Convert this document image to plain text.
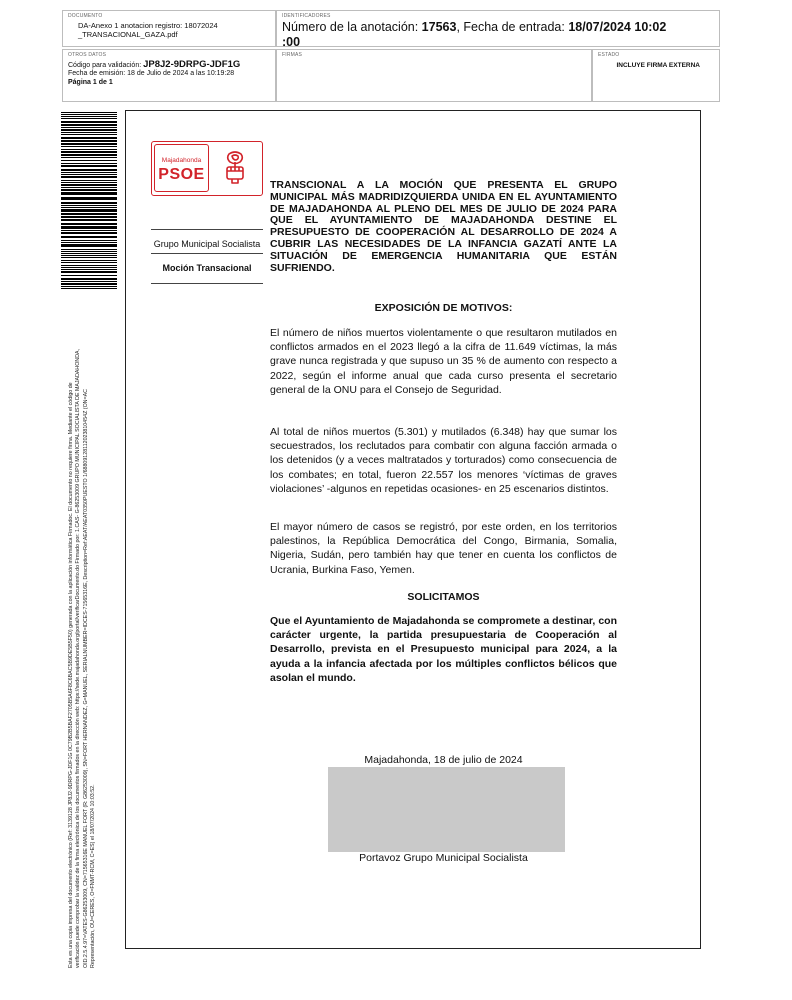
DOCUMENTO
DA-Anexo 1 anotacion registro: 18072024
_TRANSACIONAL_GAZA.pdf
IDENTIFICADORES
Número de la anotación: 17563, Fecha de entrada: 18/07/2024 10:02
:00
OTROS DATOS
Código para validación: JP8J2-9DRPG-JDF1G
Fecha de emisión: 18 de Julio de 2024 a las 10:19:28
Página 1 de 1
FIRMAS	ESTADO
INCLUYE FIRMA EXTERNA
Esta es una copia impresa del documento electrónico (Ref: 3139128 JP8J2-9DRPG-JDF1G 0C79B2B5BAF2705B5A6F8C6BAC5B9DE5B5F50) generada con la aplicación informática Firmadoc. El documento no requiere firma. Mediante el código de verificación puede comprobar la validez de la firma electrónica de los documentos firmados en la dirección web: https://sede.majadahonda.org/portal/verificarDocumento.do Firmado por: 1.CAS- G-86253009 GRUPO MUNICIPAL SOCIALISTA DE MAJADAHONDA, OID.2.5.4.97=VATES-G86253009, CN=71565316E MANUEL FORT (R: G86253009), SN=FORT HERNANDEZ, G=MANUEL, SERIALNUMBER=IDCES-71565316E, Description=Ref:AEAT/AEAT0350PUESTO 1/68809128112023810454Z (ON=AC Representación, OU=CERES, O=FNMT-RCM, C=ES) el 18/07/2024 10:03:52.
Majadahonda
PSOE
Grupo Municipal Socialista
Moción Transacional
TRANSCIONAL A LA MOCIÓN QUE PRESENTA EL GRUPO MUNICIPAL MÁS MADRIDIZQUIERDA UNIDA EN EL AYUNTAMIENTO DE MAJADAHONDA AL PLENO DEL MES DE JULIO DE 2024 PARA QUE EL AYUNTAMIENTO DE MAJADAHONDA DESTINE EL PRESUPUESTO DE COOPERACIÓN AL DESARROLLO DE 2024 A CUBRIR LAS NECESIDADES DE LA INFANCIA GAZATÍ ANTE LA SITUACIÓN DE EMERGENCIA HUMANITARIA QUE ESTÁN SUFRIENDO.
EXPOSICIÓN DE MOTIVOS:

El número de niños muertos violentamente o que resultaron mutilados en conflictos armados en el 2023 llegó a la cifra de 11.649 víctimas, la más grave nunca registrada y que supuso un 35 % de aumento con respecto a 2022, según el informe anual que cada curso presenta el secretario general de la ONU para el Consejo de Seguridad.

Al total de niños muertos (5.301) y mutilados (6.348) hay que sumar los secuestrados, los reclutados para combatir con alguna facción armada o los detenidos (y a veces maltratados y torturados) como consecuencia de los combates; en total, fueron 22.557 los menores ‘víctimas de graves violaciones’ -algunos en repetidas ocasiones- en 25 escenarios distintos.

El mayor número de casos se registró, por este orden, en los territorios palestinos, la República Democrática del Congo, Birmania, Somalia, Nigeria, Sudán, pero también hay que tener en cuenta los conflictos de Ucrania, Burkina Faso, Yemen.

SOLICITAMOS

Que el Ayuntamiento de Majadahonda se compromete a destinar, con carácter urgente, la partida presupuestaria de Cooperación al Desarrollo, prevista en el Presupuesto municipal para 2024, a la ayuda a la infancia afectada por los múltiples conflictos bélicos que asolan el mundo.

Majadahonda, 18 de julio de 2024
Portavoz Grupo Municipal Socialista
